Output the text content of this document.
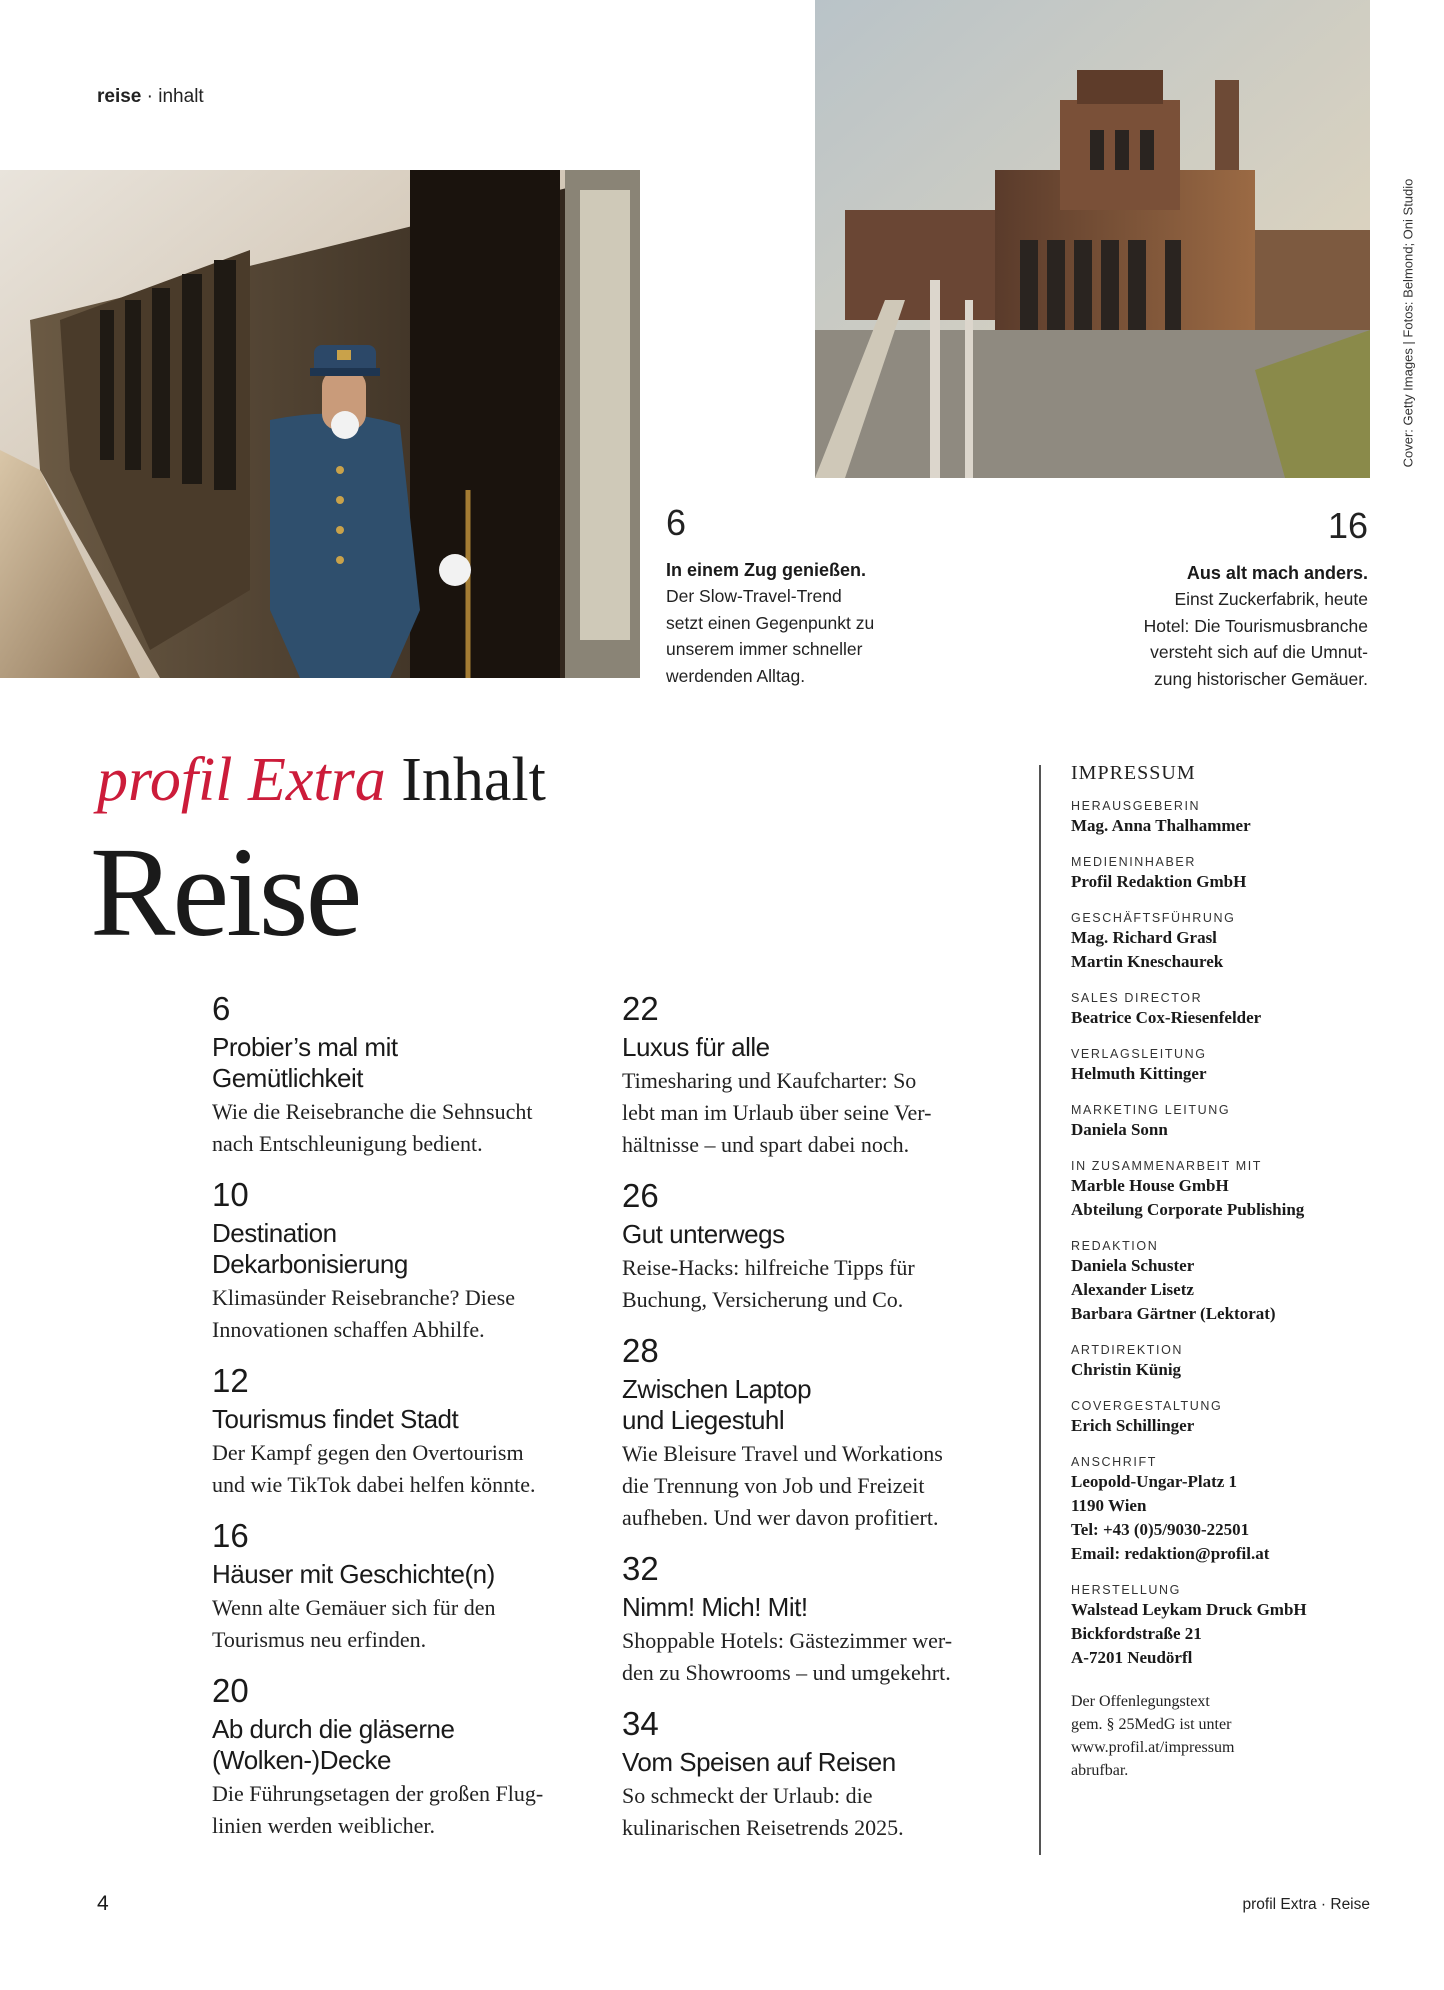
reise · inhalt
Cover: Getty Images | Fotos: Belmond; Oni Studio
6
In einem Zug genießen.
Der Slow-Travel-Trend
setzt einen Gegenpunkt zu
unserem immer schneller
werdenden Alltag.
16
Aus alt mach anders.
Einst Zuckerfabrik, heute
Hotel: Die Tourismusbranche
versteht sich auf die Umnut-
zung historischer Gemäuer.
profil Extra Inhalt
Reise
6
Probier’s mal mit
Gemütlichkeit
Wie die Reisebranche die Sehnsucht
nach Entschleunigung bedient.
10
Destination
Dekarbonisierung
Klimasünder Reisebranche? Diese
Innovationen schaffen Abhilfe.
12
Tourismus findet Stadt
Der Kampf gegen den Overtourism
und wie TikTok dabei helfen könnte.
16
Häuser mit Geschichte(n)
Wenn alte Gemäuer sich für den
Tourismus neu erfinden.
20
Ab durch die gläserne
(Wolken-)Decke
Die Führungsetagen der großen Flug-
linien werden weiblicher.
22
Luxus für alle
Timesharing und Kaufcharter: So
lebt man im Urlaub über seine Ver-
hältnisse – und spart dabei noch.
26
Gut unterwegs
Reise-Hacks: hilfreiche Tipps für
Buchung, Versicherung und Co.
28
Zwischen Laptop
und Liegestuhl
Wie Bleisure Travel und Workations
die Trennung von Job und Freizeit
aufheben. Und wer davon profitiert.
32
Nimm! Mich! Mit!
Shoppable Hotels: Gästezimmer wer-
den zu Showrooms – und umgekehrt.
34
Vom Speisen auf Reisen
So schmeckt der Urlaub: die
kulinarischen Reisetrends 2025.
IMPRESSUM
HERAUSGEBERIN
Mag. Anna Thalhammer
MEDIENINHABER
Profil Redaktion GmbH
GESCHÄFTSFÜHRUNG
Mag. Richard Grasl
Martin Kneschaurek
SALES DIRECTOR
Beatrice Cox-Riesenfelder
VERLAGSLEITUNG
Helmuth Kittinger
MARKETING LEITUNG
Daniela Sonn
IN ZUSAMMENARBEIT MIT
Marble House GmbH
Abteilung Corporate Publishing
REDAKTION
Daniela Schuster
Alexander Lisetz
Barbara Gärtner (Lektorat)
ARTDIREKTION
Christin Künig
COVERGESTALTUNG
Erich Schillinger
ANSCHRIFT
Leopold-Ungar-Platz 1
1190 Wien
Tel: +43 (0)5/9030-22501
Email: redaktion@profil.at
HERSTELLUNG
Walstead Leykam Druck GmbH
Bickfordstraße 21
A-7201 Neudörfl
Der Offenlegungstext
gem. § 25MedG ist unter
www.profil.at/impressum
abrufbar.
4	profil Extra · Reise
